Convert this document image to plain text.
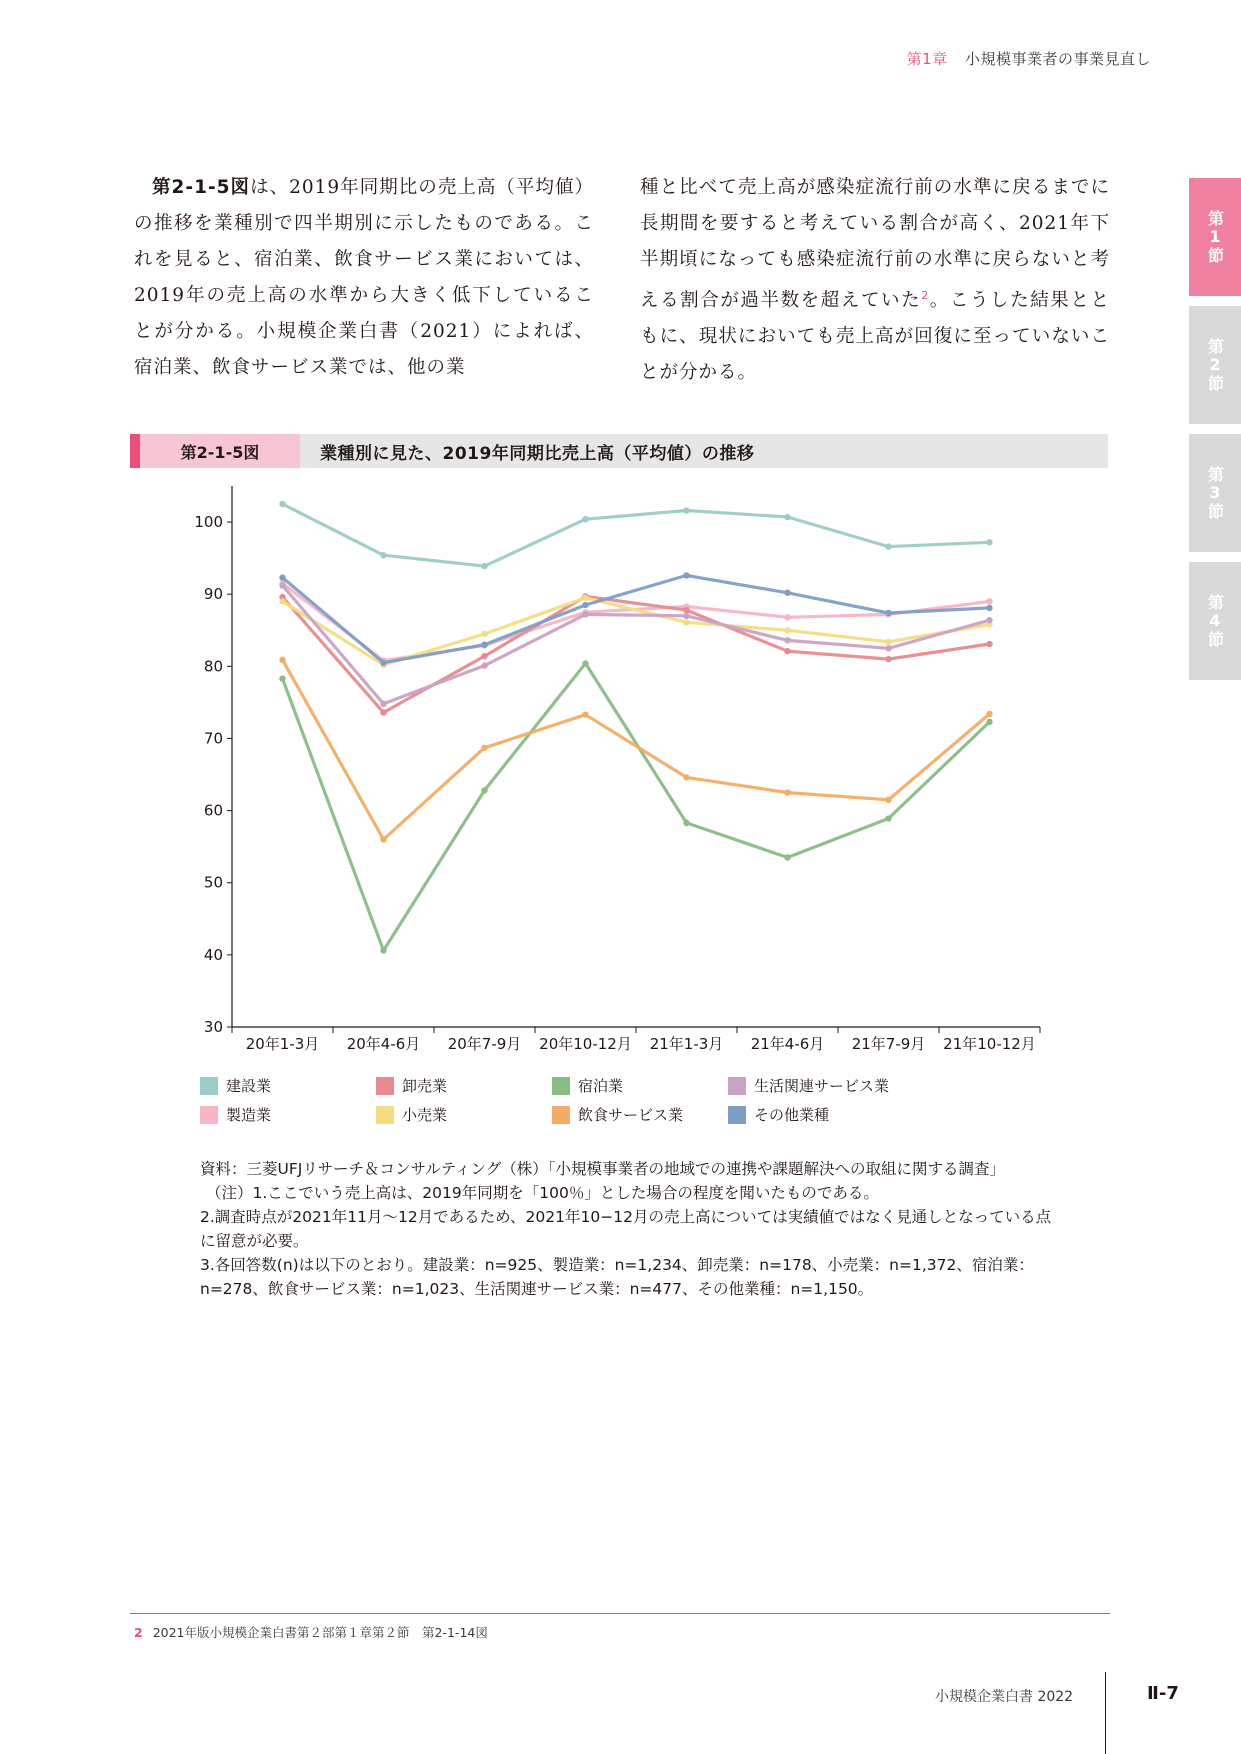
第1章 小規模事業者の事業見直し
第2-1-5図は、2019年同期比の売上高（平均値）の推移を業種別で四半期別に示したものである。これを見ると、宿泊業、飲食サービス業においては、2019年の売上高の水準から大きく低下していることが分かる。小規模企業白書（2021）によれば、宿泊業、飲食サービス業では、他の業
種と比べて売上高が感染症流行前の水準に戻るまでに長期間を要すると考えている割合が高く、2021年下半期頃になっても感染症流行前の水準に戻らないと考える割合が過半数を超えていた$^2$。こうした結果とともに、現状においても売上高が回復に至っていないことが分かる。
第1節
第2節
第3節
第4節
第2-1-5図	業種別に見た、2019年同期比売上高（平均値）の推移
30
40
50
60
70
80
90
100
20年1-3月 20年4-6月 20年7-9月 20年10-12月 21年1-3月 21年4-6月 21年7-9月 21年10-12月
建設業	卸売業	宿泊業	生活関連サービス業
製造業	小売業	飲食サービス業	その他業種
資料：三菱UFJリサーチ＆コンサルティング（株）「小規模事業者の地域での連携や課題解決への取組に関する調査」
（注）1.ここでいう売上高は、2019年同期を「100％」とした場合の程度を聞いたものである。
2.調査時点が2021年11月～12月であるため、2021年10−12月の売上高については実績値ではなく見通しとなっている点に留意が必要。
3.各回答数(n)は以下のとおり。建設業：n=925、製造業：n=1,234、卸売業：n=178、小売業：n=1,372、宿泊業：n=278、飲食サービス業：n=1,023、生活関連サービス業：n=477、その他業種：n=1,150。
2 2021年版小規模企業白書第２部第１章第２節　第2-1-14図
小規模企業白書 2022	Ⅱ-7
